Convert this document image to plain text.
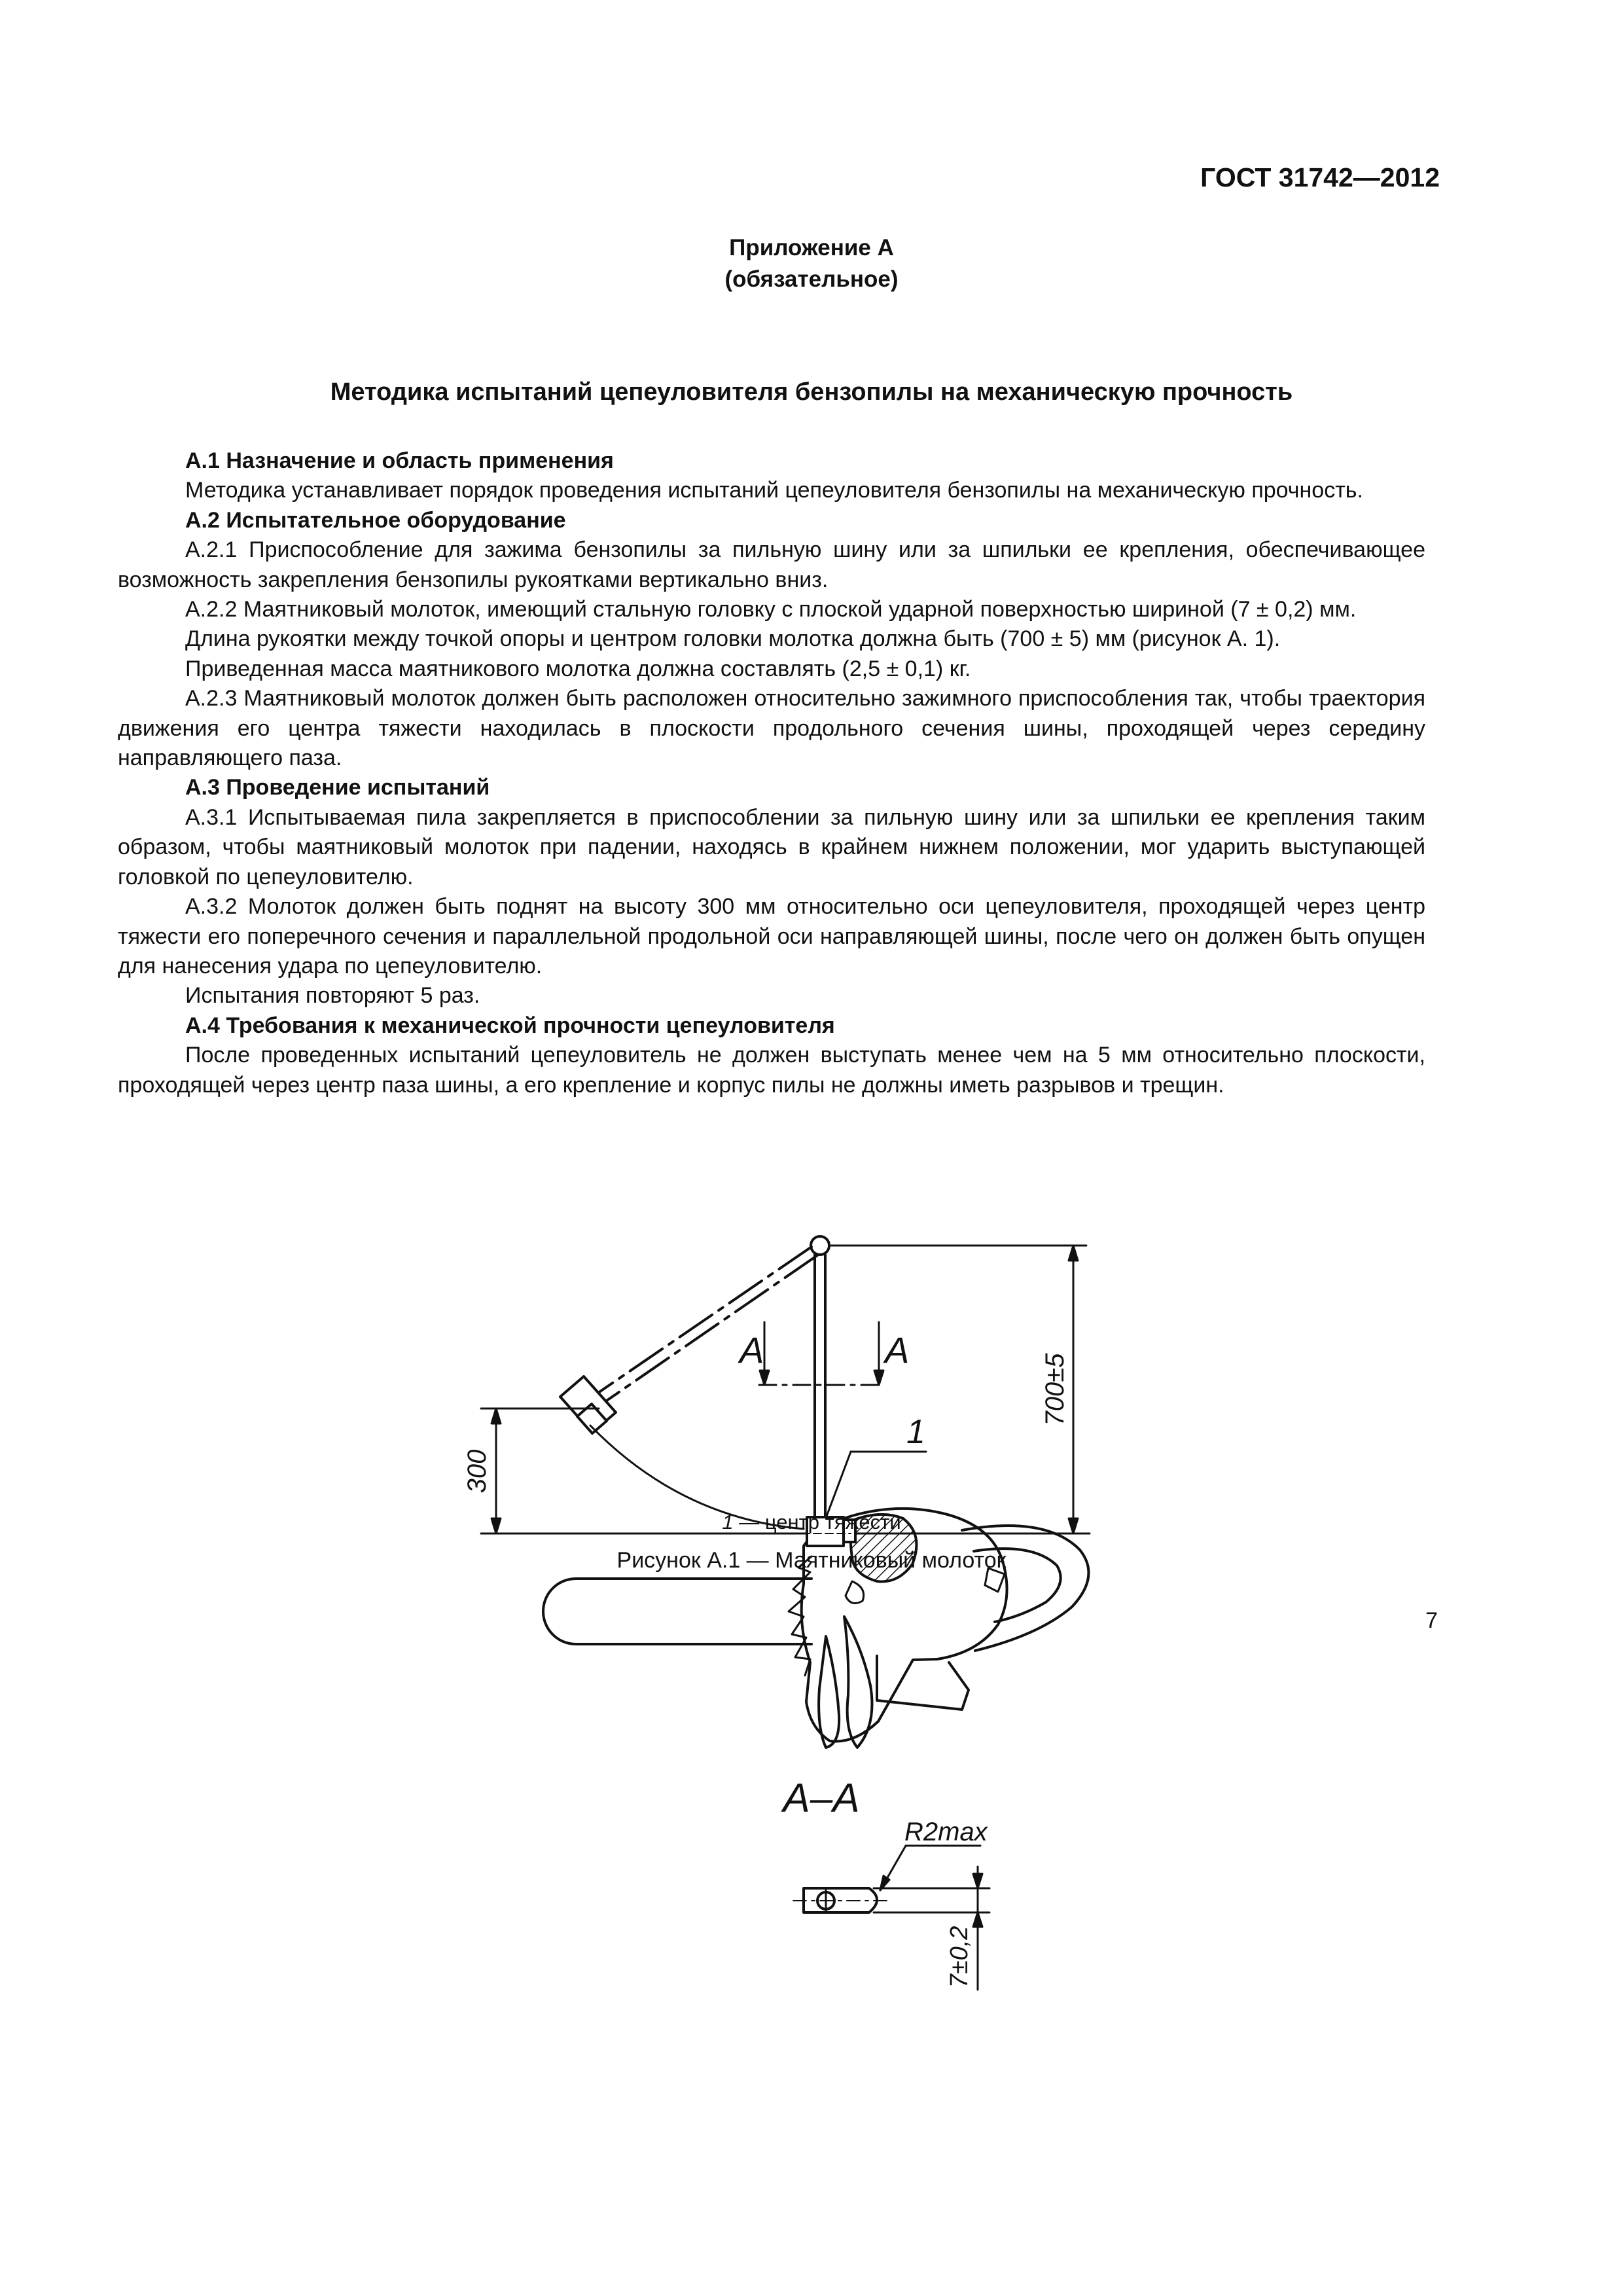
ГОСТ 31742—2012
Приложение А
(обязательное)
Методика испытаний цепеуловителя бензопилы на механическую прочность
А.1 Назначение и область применения

Методика устанавливает порядок проведения испытаний цепеуловителя бензопилы на механическую прочность.

А.2 Испытательное оборудование

А.2.1 Приспособление для зажима бензопилы за пильную шину или за шпильки ее крепления, обеспечивающее возможность закрепления бензопилы рукоятками вертикально вниз.

А.2.2 Маятниковый молоток, имеющий стальную головку с плоской ударной поверхностью шириной (7 ± 0,2) мм.

Длина рукоятки между точкой опоры и центром головки молотка должна быть (700 ± 5) мм (рисунок А. 1).

Приведенная масса маятникового молотка должна составлять (2,5 ± 0,1) кг.

А.2.3 Маятниковый молоток должен быть расположен относительно зажимного приспособления так, чтобы траектория движения его центра тяжести находилась в плоскости продольного сечения шины, проходящей через середину направляющего паза.

А.3 Проведение испытаний

А.3.1 Испытываемая пила закрепляется в приспособлении за пильную шину или за шпильки ее крепления таким образом, чтобы маятниковый молоток при падении, находясь в крайнем нижнем положении, мог ударить выступающей головкой по цепеуловителю.

А.3.2 Молоток должен быть поднят на высоту 300 мм относительно оси цепеуловителя, проходящей через центр тяжести его поперечного сечения и параллельной продольной оси направляющей шины, после чего он должен быть опущен для нанесения удара по цепеуловителю.

Испытания повторяют 5 раз.

А.4 Требования к механической прочности цепеуловителя

После проведенных испытаний цепеуловитель не должен выступать менее чем на 5 мм относительно плоскости, проходящей через центр паза шины, а его крепление и корпус пилы не должны иметь разрывов и трещин.

300
700±5
А	А
1
А–А
R2max
7±0,2
1 — центр тяжести
Рисунок А.1 — Маятниковый молоток
7
